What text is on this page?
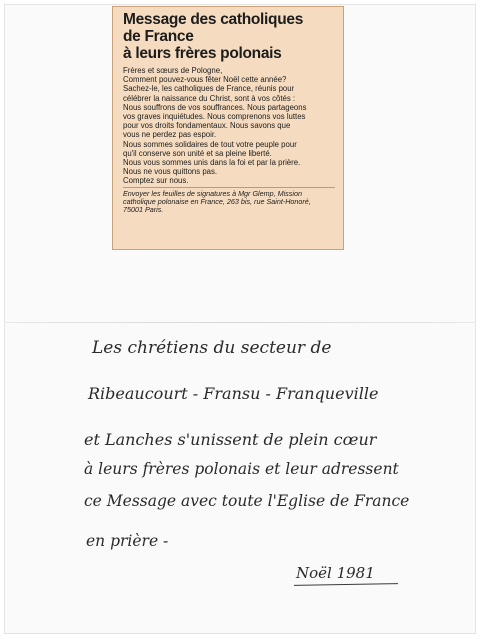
Message des catholiques
de France
à leurs frères polonais
Frères et sœurs de Pologne,
Comment pouvez-vous fêter Noël cette année?
Sachez-le, les catholiques de France, réunis pour
célébrer la naissance du Christ, sont à vos côtés :
Nous souffrons de vos souffrances. Nous partageons
vos graves inquiétudes. Nous comprenons vos luttes
pour vos droits fondamentaux. Nous savons que
vous ne perdez pas espoir.
Nous sommes solidaires de tout votre peuple pour
qu'il conserve son unité et sa pleine liberté.
Nous vous sommes unis dans la foi et par la prière.
Nous ne vous quittons pas.
Comptez sur nous.
Envoyer les feuilles de signatures à Mgr Glemp, Mission
catholique polonaise en France, 263 bis, rue Saint-Honoré,
75001 Paris.
Les chrétiens du secteur de
Ribeaucourt - Fransu - Franqueville
et Lanches s'unissent de plein cœur
à leurs frères polonais et leur adressent
ce Message avec toute l'Eglise de France
en prière -
Noël 1981
